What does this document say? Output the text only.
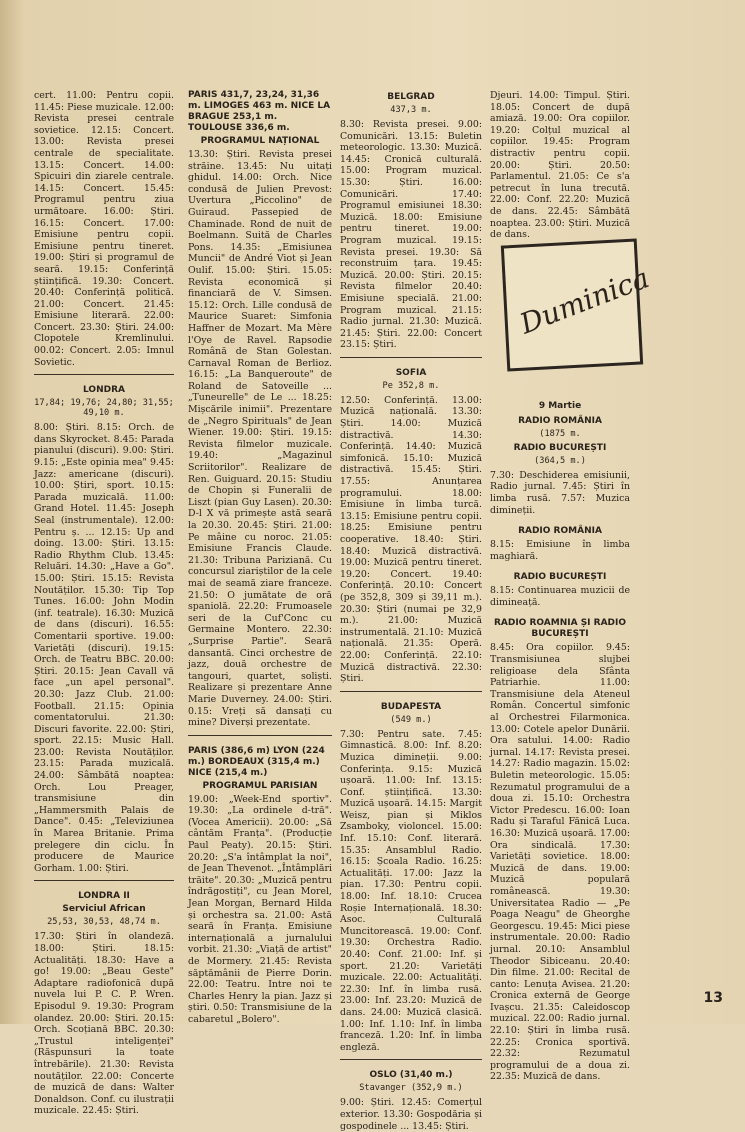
cert. 11.00: Pentru copii. 11.45: Piese muzicale. 12.00: Revista presei centrale sovietice. 12.15: Concert. 13.00: Revista presei centrale de specialitate. 13.15: Concert. 14.00: Spicuiri din ziarele centrale. 14.15: Concert. 15.45: Programul pentru ziua următoare. 16.00: Știri. 16.15: Concert. 17.00: Emisiune pentru copii. Emisiune pentru tineret. 19.00: Știri și programul de seară. 19.15: Conferință științifică. 19.30: Concert. 20.40: Conferință politică. 21.00: Concert. 21.45: Emisiune literară. 22.00: Concert. 23.30: Știri. 24.00: Clopotele Kremlinului. 00.02: Concert. 2.05: Imnul Sovietic.
LONDRA
17,84; 19,76; 24,80; 31,55; 49,10 m.
8.00: Știri. 8.15: Orch. de dans Skyrocket. 8.45: Parada pianului (discuri). 9.00: Știri. 9.15: „Este opinia mea" 9.45: Jazz: americane (discuri). 10.00: Știri, sport. 10.15: Parada muzicală. 11.00: Grand Hotel. 11.45: Joseph Seal (instrumentale). 12.00: Pentru ș. ... 12.15: Up and doing. 13.00: Știri. 13.15: Radio Rhythm Club. 13.45: Reluări. 14.30: „Have a Go". 15.00: Știri. 15.15: Revista Noutăților. 15.30: Tip Top Tunes. 16.00: John Modin (inf. teatrale). 16.30: Muzică de dans (discuri). 16.55: Comentarii sportive. 19.00: Varietăți (discuri). 19.15: Orch. de Teatru BBC. 20.00: Știri. 20.15: Jean Cavall vă face „un apel personal". 20.30: Jazz Club. 21.00: Football. 21.15: Opinia comentatorului. 21.30: Discuri favorite. 22.00: Știri, sport. 22.15: Music Hall. 23.00: Revista Noutăților. 23.15: Parada muzicală. 24.00: Sâmbătă noaptea: Orch. Lou Preager, transmisiune din „Hammersmith Palais de Dance". 0.45: „Televiziunea în Marea Britanie. Prima prelegere din ciclu. În producere de Maurice Gorham. 1.00: Știri.
LONDRA II
Serviciul African
25,53, 30,53, 48,74 m.
17.30: Știri în olandeză. 18.00: Știri. 18.15: Actualități. 18.30: Have a go! 19.00: „Beau Geste" Adaptare radiofonică după nuvela lui P. C. P. Wren. Episodul 9. 19.30: Program olandez. 20.00: Știri. 20.15: Orch. Scoțiană BBC. 20.30: „Trustul inteligenței" (Răspunsuri la toate întrebările). 21.30: Revista noutăților. 22.00: Concerte de muzică de dans: Walter Donaldson. Conf. cu ilustrații muzicale. 22.45: Știri.
PARIS 431,7, 23,24, 31,36 m. LIMOGES 463 m. NICE LA BRAGUE 253,1 m. TOULOUSE 336,6 m.
PROGRAMUL NAȚIONAL
13.30: Știri. Revista presei străine. 13.45: Nu uitați ghidul. 14.00: Orch. Nice condusă de Julien Prevost: Uvertura „Piccolino" de Guiraud. Passepied de Chaminade. Rond de nuit de Boelmann. Suită de Charles Pons. 14.35: „Emisiunea Muncii" de André Viot și Jean Oulif. 15.00: Știri. 15.05: Revista economică și financiară de V. Simsen. 15.12: Orch. Lille condusă de Maurice Suaret: Simfonia Haffner de Mozart. Ma Mère l'Oye de Ravel. Rapsodie Română de Stan Golestan. Carnaval Roman de Berlioz. 16.15: „La Banqueroute" de Roland de Satoveille ... „Tuneurelle" de Le ... 18.25: Mișcările inimii". Prezentare de „Negro Spirituals" de Jean Wiener. 19.00: Știri. 19.15: Revista filmelor muzicale. 19.40: „Magazinul Scriitorilor". Realizare de Ren. Guiguard. 20.15: Studiu de Chopin și Funeralii de Liszt (pian Guy Lasen). 20.30: D-l X vă primește astă seară la 20.30. 20.45: Știri. 21.00: Pe mâine cu noroc. 21.05: Emisiune Francis Claude. 21.30: Tribuna Pariziană. Cu concursul ziariștilor de la cele mai de seamă ziare franceze. 21.50: O jumătate de oră spaniolă. 22.20: Frumoasele seri de la Cuf'Conc cu Germaine Montero. 22.30: „Surprise Partie". Seară dansantă. Cinci orchestre de jazz, două orchestre de tangouri, quartet, soliști. Realizare și prezentare Anne Marie Duverney. 24.00: Știri. 0.15: Vreți să dansați cu mine? Diverși prezentate.
PARIS (386,6 m) LYON (224 m.) BORDEAUX (315,4 m.) NICE (215,4 m.)
PROGRAMUL PARISIAN
19.00: „Week-End sportiv". 19.30: „La ordinele d-tră". (Vocea Americii). 20.00: „Să cântăm Franța". (Producție Paul Peaty). 20.15: Știri. 20.20: „S'a întâmplat la noi", de Jean Thevenot. „Întâmplări trăite". 20.30: „Muzică pentru îndrăgostiți", cu Jean Morel, Jean Morgan, Bernard Hilda și orchestra sa. 21.00: Astă seară în Franța. Emisiune internațională a jurnalului vorbit. 21.30: „Viață de artist" de Mormery. 21.45: Revista săptămânii de Pierre Dorin. 22.00: Teatru. Intre noi te Charles Henry la pian. Jazz și știri. 0.50: Transmisiune de la cabaretul „Bolero".
BELGRAD
437,3 m.
8.30: Revista presei. 9.00: Comunicări. 13.15: Buletin meteorologic. 13.30: Muzică. 14.45: Cronică culturală. 15.00: Program muzical. 15.30: Știri. 16.00: Comunicări. 17.40: Programul emisiunei 18.30: Muzică. 18.00: Emisiune pentru tineret. 19.00: Program muzical. 19.15: Revista presei. 19.30: Să reconstruim țara. 19.45: Muzică. 20.00: Știri. 20.15: Revista filmelor 20.40: Emisiune specială. 21.00: Program muzical. 21.15: Radio jurnal. 21.30: Muzică. 21.45: Știri. 22.00: Concert 23.15: Știri.
SOFIA
Pe 352,8 m.
12.50: Conferință. 13.00: Muzică națională. 13.30: Știri. 14.00: Muzică distractivă. 14.30: Conferință. 14.40: Muzică simfonică. 15.10: Muzică distractivă. 15.45: Știri. 17.55: Anunțarea programului. 18.00: Emisiune în limba turcă. 13.15: Emisiune pentru copii. 18.25: Emisiune pentru cooperative. 18.40: Știri. 18.40: Muzică distractivă. 19.00: Muzică pentru tineret. 19.20: Concert. 19.40: Conferință. 20.10: Concert (pe 352,8, 309 și 39,11 m.). 20.30: Știri (numai pe 32,9 m.). 21.00: Muzică instrumentală. 21.10: Muzică națională. 21.35: Operă. 22.00: Conferință. 22.10: Muzică distractivă. 22.30: Știri.
BUDAPESTA
(549 m.)
7.30: Pentru sate. 7.45: Gimnastică. 8.00: Inf. 8.20: Muzica dimineții. 9.00: Conferința. 9.15: Muzică ușoară. 11.00: Inf. 13.15: Conf. științifică. 13.30: Muzică ușoară. 14.15: Margit Weisz, pian și Miklos Zsamboky, violoncel. 15.00: Inf. 15.10: Conf. literară. 15.35: Ansamblul Radio. 16.15: Școala Radio. 16.25: Actualități. 17.00: Jazz la pian. 17.30: Pentru copii. 18.00: Inf. 18.10: Crucea Roșie Internațională. 18.30: Asoc. Culturală Muncitorească. 19.00: Conf. 19.30: Orchestra Radio. 20.40: Conf. 21.00: Inf. și sport. 21.20: Varietăți muzicale. 22.00: Actualități. 22.30: Inf. în limba rusă. 23.00: Inf. 23.20: Muzică de dans. 24.00: Muzică clasică. 1.00: Inf. 1.10: Inf. în limba franceză. 1.20: Inf. în limba engleză.
OSLO (31,40 m.)
Stavanger (352,9 m.)
9.00: Știri. 12.45: Comerțul exterior. 13.30: Gospodăria și gospodinele ... 13.45: Știri.
Djeuri. 14.00: Timpul. Știri. 18.05: Concert de după amiază. 19.00: Ora copiilor. 19.20: Colțul muzical al copiilor. 19.45: Program distractiv pentru copii. 20.00: Știri. 20.50: Parlamentul. 21.05: Ce s'a petrecut în luna trecută. 22.00: Conf. 22.20: Muzică de dans. 22.45: Sâmbătă noaptea. 23.00: Știri. Muzică de dans.
9 Martie
RADIO ROMÂNIA
(1875 m.
RADIO BUCUREȘTI
(364,5 m.)
7.30: Deschiderea emisiunii, Radio jurnal. 7.45: Știri în limba rusă. 7.57: Muzica dimineții.
RADIO ROMÂNIA
8.15: Emisiune în limba maghiară.
RADIO BUCUREȘTI
8.15: Continuarea muzicii de dimineață.
RADIO ROAMNIA ȘI RADIO BUCUREȘTI
8.45: Ora copiilor. 9.45: Transmisiunea slujbei religioase dela Sfânta Patriarhie. 11.00: Transmisiune dela Ateneul Român. Concertul simfonic al Orchestrei Filarmonica. 13.00: Cotele apelor Dunării. Ora satului. 14.00: Radio jurnal. 14.17: Revista presei. 14.27: Radio magazin. 15.02: Buletin meteorologic. 15.05: Rezumatul programului de a doua zi. 15.10: Orchestra Victor Predescu. 16.00: Ioan Radu și Taraful Fănică Luca. 16.30: Muzică ușoară. 17.00: Ora sindicală. 17.30: Varietăți sovietice. 18.00: Muzică de dans. 19.00: Muzică populară românească. 19.30: Universitatea Radio — „Pe Poaga Neagu" de Gheorghe Georgescu. 19.45: Mici piese instrumentale. 20.00: Radio jurnal. 20.10: Ansamblul Theodor Sibiceanu. 20.40: Din filme. 21.00: Recital de canto: Lenuța Avisea. 21.20: Cronica externă de George Ivașcu. 21.35: Caleidoscop muzical. 22.00: Radio jurnal. 22.10: Știri în limba rusă. 22.25: Cronica sportivă. 22.32: Rezumatul programului de a doua zi. 22.35: Muzică de dans.
Duminica
13
